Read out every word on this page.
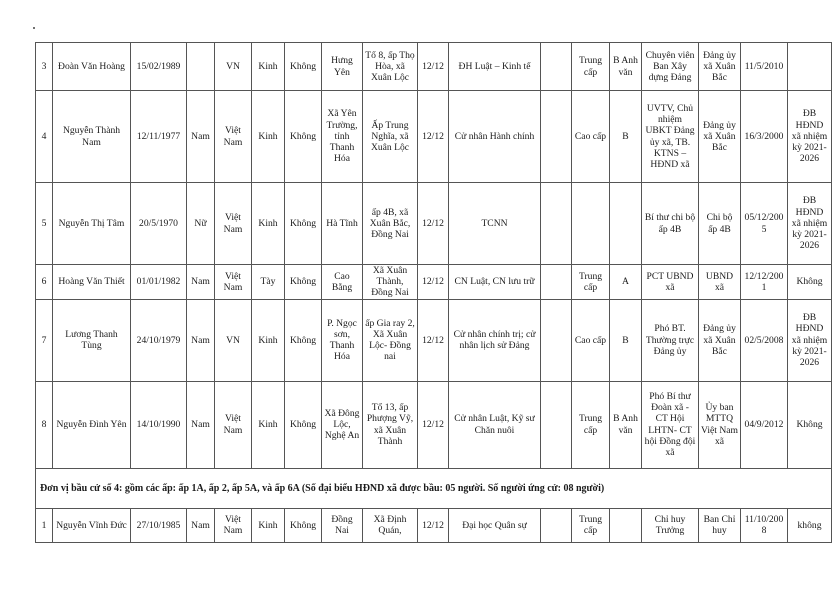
3	Đoàn Văn Hoàng	15/02/1989		VN	Kinh	Không	Hưng Yên	Tổ 8, ấp Thọ Hòa, xã Xuân Lộc	12/12	ĐH Luật – Kinh tế		Trung cấp	B Anh văn	Chuyên viên Ban Xây dựng Đảng	Đảng ủy xã Xuân Bắc	11/5/2010	
4	Nguyễn Thành Nam	12/11/1977	Nam	Việt Nam	Kinh	Không	Xã Yên Trường, tỉnh Thanh Hóa	Ấp Trung Nghĩa, xã Xuân Lộc	12/12	Cử nhân Hành chính		Cao cấp	B	UVTV, Chủ nhiệm UBKT Đảng ủy xã, TB. KTNS – HĐND xã	Đảng ủy xã Xuân Bắc	16/3/2000	ĐB HĐND xã nhiệm kỳ 2021-2026
5	Nguyễn Thị Tâm	20/5/1970	Nữ	Việt Nam	Kinh	Không	Hà Tĩnh	ấp 4B, xã Xuân Bắc, Đồng Nai	12/12	TCNN				Bí thư chi bộ ấp 4B	Chi bộ ấp 4B	05/12/2005	ĐB HĐND xã nhiệm kỳ 2021-2026
6	Hoàng Văn Thiết	01/01/1982	Nam	Việt Nam	Tày	Không	Cao Bằng	Xã Xuân Thành, Đồng Nai	12/12	CN Luật, CN lưu trữ		Trung cấp	A	PCT UBND xã	UBND xã	12/12/2001	Không
7	Lương Thanh Tùng	24/10/1979	Nam	VN	Kinh	Không	P. Ngọc sơn, Thanh Hóa	ấp Gia ray 2, Xã Xuân Lộc- Đồng nai	12/12	Cử nhân chính trị; cử nhân lịch sử Đảng		Cao cấp	B	Phó BT. Thường trực Đảng ủy	Đảng ủy xã Xuân Bắc	02/5/2008	ĐB HĐND xã nhiệm kỳ 2021-2026
8	Nguyễn Đình Yên	14/10/1990	Nam	Việt Nam	Kinh	Không	Xã Đông Lộc, Nghệ An	Tổ 13, ấp Phượng Vỹ, xã Xuân Thành	12/12	Cử nhân Luật, Kỹ sư Chăn nuôi		Trung cấp	B Anh văn	Phó Bí thư Đoàn xã - CT Hội LHTN- CT hội Đồng đội xã	Ủy ban MTTQ Việt Nam xã	04/9/2012	Không
Đơn vị bầu cử số 4: gồm các ấp: ấp 1A, ấp 2, ấp 5A, và ấp 6A (Số đại biểu HĐND xã được bầu: 05 người. Số người ứng cử: 08 người)																	
1	Nguyễn Vĩnh Đức	27/10/1985	Nam	Việt Nam	Kinh	Không	Đồng Nai	Xã Định Quán,	12/12	Đại học Quân sự		Trung cấp		Chỉ huy Trưởng	Ban Chỉ huy	11/10/2008	không
